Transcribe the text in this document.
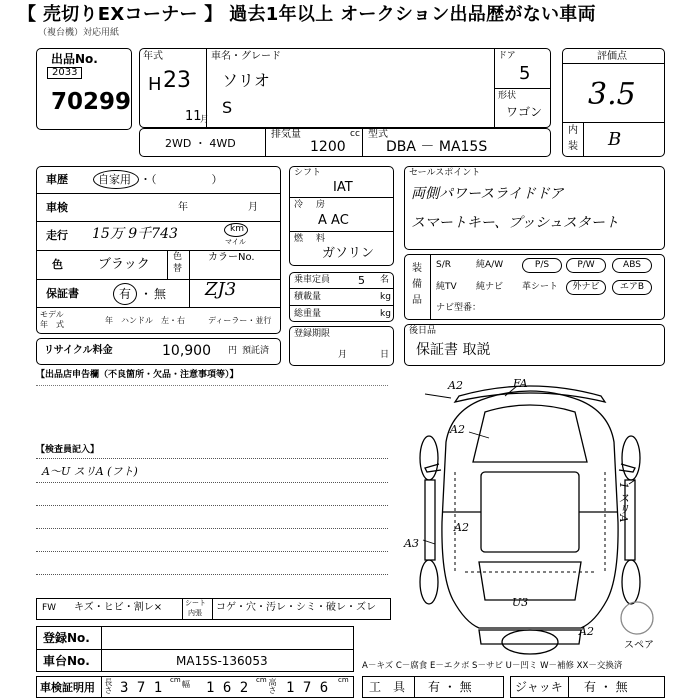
【 売切りEXコーナー 】 過去1年以上 オークション出品歴がない車両
（複台機）対応用紙
出品No.
2033
70299
年式
H 23
11
月
車名・グレード
ソリオ
S
ドア
5
形状
ワゴン
評価点
3.5
内
装 B
2WD ・ 4WD
排気量	cc
1200
型式
DBA － MA15S
車歴	自家用 ・（　　　　　）
車検	年	月
走行 15万 9千743	km
マイル
色	ブラック	色
替
カラーNo.
保証書	有 ・ 無 ZJ3
モデル
年　式	年 ハンドル　左・右	ディーラー・並行
リサイクル料金	10,900 円 預託済
シフト
IAT
冷 房
A AC
燃 料
ガソリン
乗車定員	5 名
積載量	kg
総重量	kg
登録期限
月	日
セールスポイント
両側パワースライドドア
スマートキー、プッシュスタート
装
備
品
ナビ型番：
後日品
保証書 取説
【出品店申告欄（不良箇所・欠品・注意事項等）】
【検査員記入】
A〜U スリA (フト)
FW キズ・ヒビ・割レ×	シート
内張 コゲ・穴・汚レ・シミ・破レ・ズレ
登録No.
車台No.	MA15S-136053
車検証明用 長さ 3 7 1 cm 幅 1 6 2 cm 高さ 1 7 6 cm
A－キズ C－腐食 E－エクボ S－サビ U－凹ミ W－補修 XX－交換済
工　具 有 ・ 無	ジャッキ 有 ・ 無
A2	FA
A2
A2
A3
U3
A2
1 スリA
スペア
S/R	純A/W	P/S	P/W	ABS
純TV 純ナビ 革シート	外ナビ	エアB
